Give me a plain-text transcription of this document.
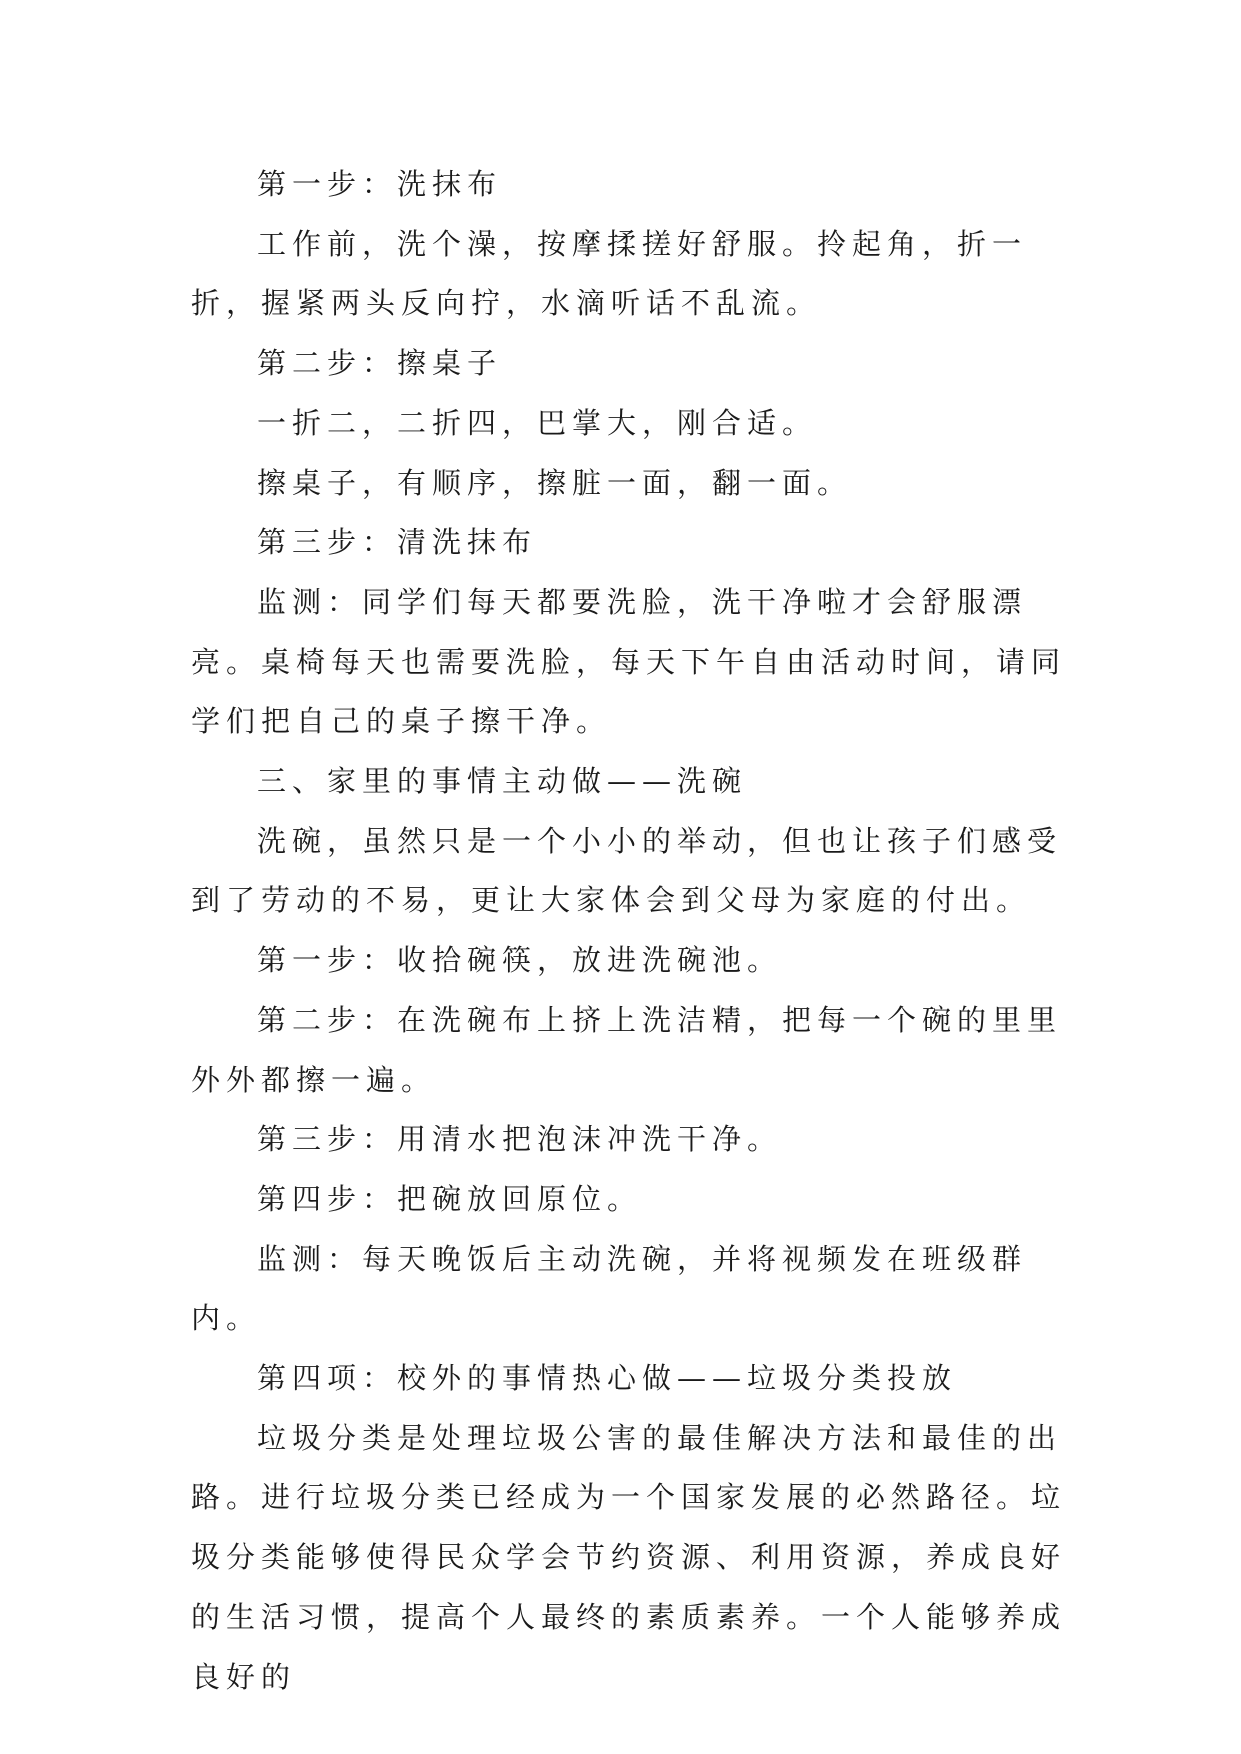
第一步：洗抹布

工作前，洗个澡，按摩揉搓好舒服。拎起角，折一折，握紧两头反向拧，水滴听话不乱流。

第二步：擦桌子

一折二，二折四，巴掌大，刚合适。

擦桌子，有顺序，擦脏一面，翻一面。

第三步：清洗抹布

监测：同学们每天都要洗脸，洗干净啦才会舒服漂亮。桌椅每天也需要洗脸，每天下午自由活动时间，请同学们把自己的桌子擦干净。

三、家里的事情主动做——洗碗

洗碗，虽然只是一个小小的举动，但也让孩子们感受到了劳动的不易，更让大家体会到父母为家庭的付出。

第一步：收拾碗筷，放进洗碗池。

第二步：在洗碗布上挤上洗洁精，把每一个碗的里里外外都擦一遍。

第三步：用清水把泡沫冲洗干净。

第四步：把碗放回原位。

监测：每天晚饭后主动洗碗，并将视频发在班级群内。

第四项：校外的事情热心做——垃圾分类投放

垃圾分类是处理垃圾公害的最佳解决方法和最佳的出路。进行垃圾分类已经成为一个国家发展的必然路径。垃圾分类能够使得民众学会节约资源、利用资源，养成良好的生活习惯，提高个人最终的素质素养。一个人能够养成良好的
